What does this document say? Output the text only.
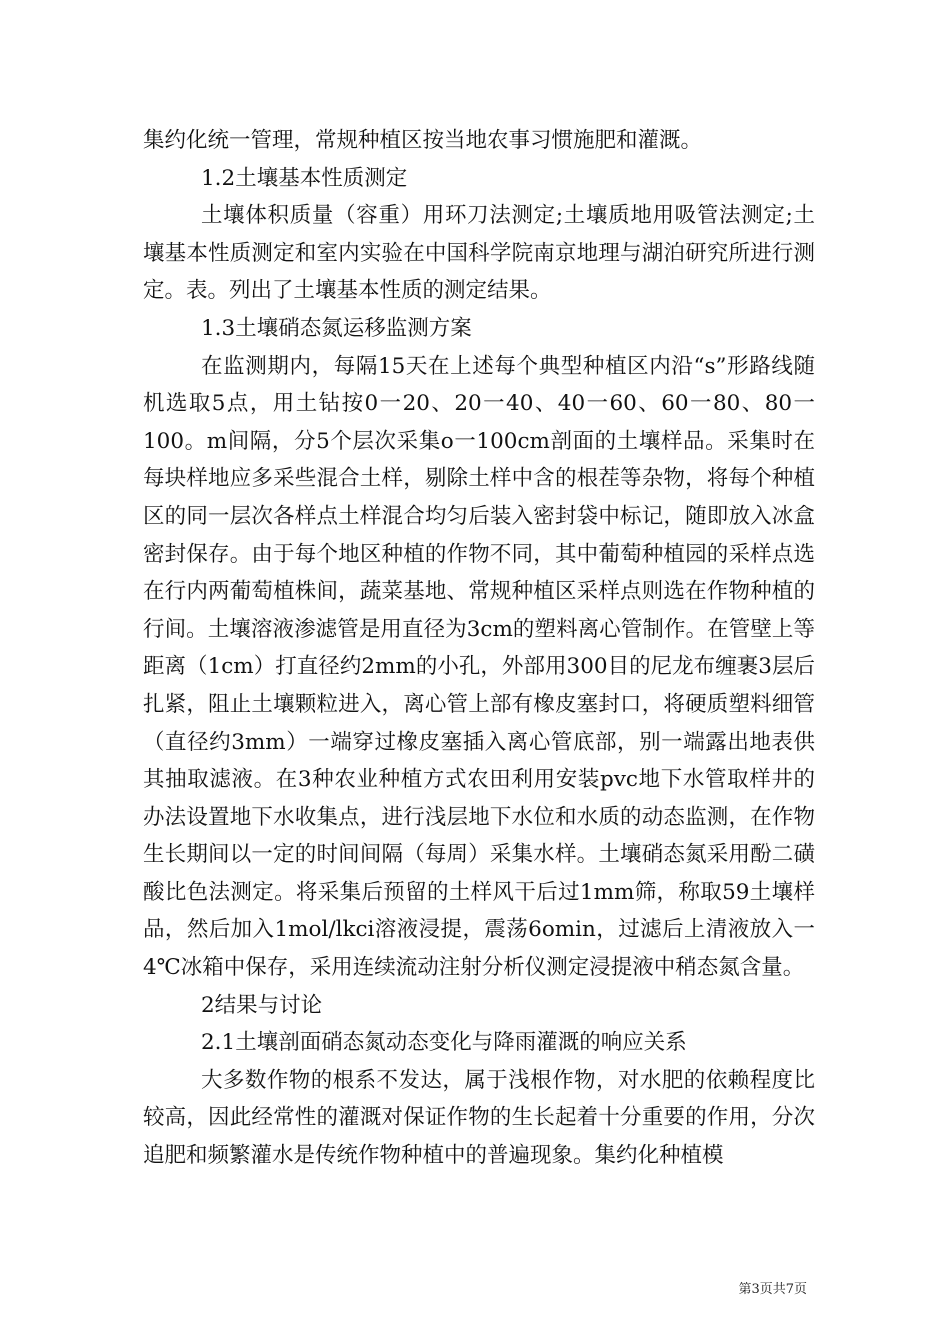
集约化统一管理，常规种植区按当地农事习惯施肥和灌溉。

1.2土壤基本性质测定

土壤体积质量（容重）用环刀法测定;土壤质地用吸管法测定;土壤基本性质测定和室内实验在中国科学院南京地理与湖泊研究所进行测定。表。列出了土壤基本性质的测定结果。

1.3土壤硝态氮运移监测方案

在监测期内，每隔15天在上述每个典型种植区内沿“s”形路线随机选取5点，用土钻按0一20、20一40、40一60、60一80、80一100。m间隔，分5个层次采集o一100cm剖面的土壤样品。采集时在每块样地应多采些混合土样，剔除土样中含的根茬等杂物，将每个种植区的同一层次各样点土样混合均匀后装入密封袋中标记，随即放入冰盒密封保存。由于每个地区种植的作物不同，其中葡萄种植园的采样点选在行内两葡萄植株间，蔬菜基地、常规种植区采样点则选在作物种植的行间。土壤溶液渗滤管是用直径为3cm的塑料离心管制作。在管壁上等距离（1cm）打直径约2mm的小孔，外部用300目的尼龙布缠裹3层后扎紧，阻止土壤颗粒进入，离心管上部有橡皮塞封口，将硬质塑料细管（直径约3mm）一端穿过橡皮塞插入离心管底部，别一端露出地表供其抽取滤液。在3种农业种植方式农田利用安装pvc地下水管取样井的办法设置地下水收集点，进行浅层地下水位和水质的动态监测，在作物生长期间以一定的时间间隔（每周）采集水样。土壤硝态氮采用酚二磺酸比色法测定。将采集后预留的土样风干后过1mm筛，称取59土壤样品，然后加入1mol/lkci溶液浸提，震荡6omin，过滤后上清液放入一4℃冰箱中保存，采用连续流动注射分析仪测定浸提液中稍态氮含量。

2结果与讨论

2.1土壤剖面硝态氮动态变化与降雨灌溉的响应关系

大多数作物的根系不发达，属于浅根作物，对水肥的依赖程度比较高，因此经常性的灌溉对保证作物的生长起着十分重要的作用，分次追肥和频繁灌水是传统作物种植中的普遍现象。集约化种植模

第3页共7页
